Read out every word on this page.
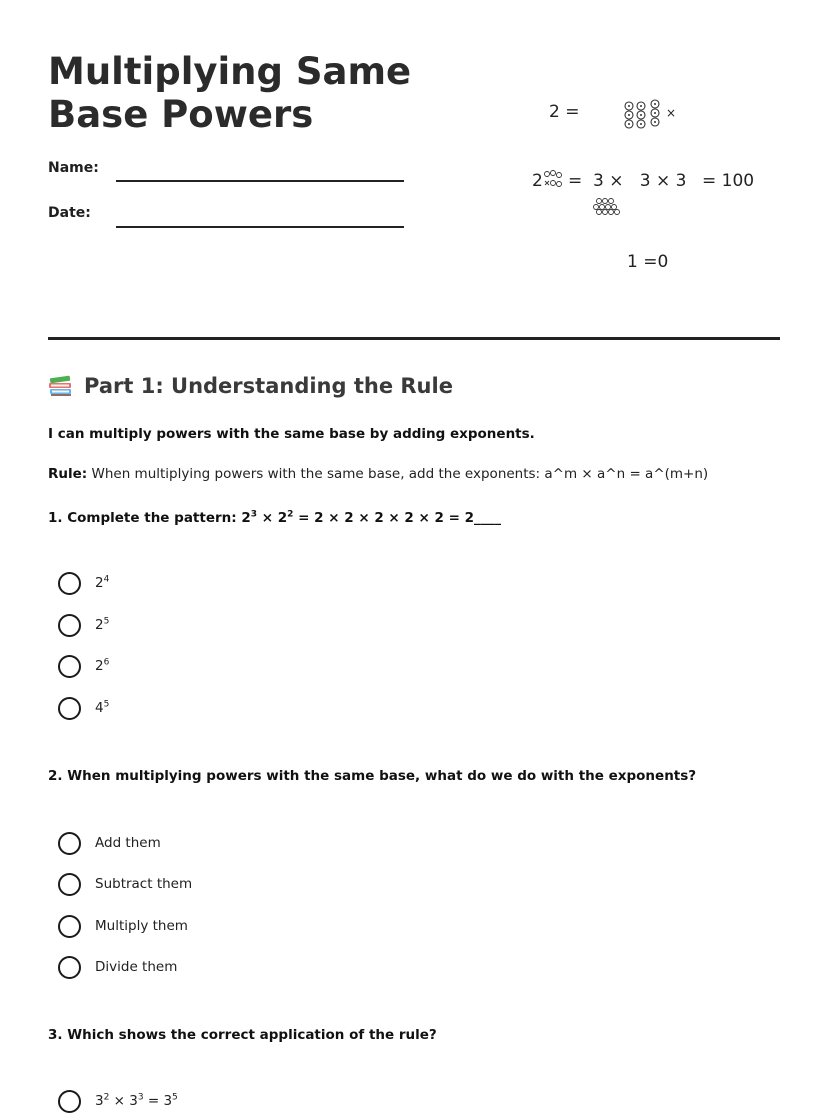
Multiplying Same Base Powers
Name:
Date:
2 =	×
2 =  3 ×   3 × 3 = 100
1 =0
Part 1: Understanding the Rule
I can multiply powers with the same base by adding exponents.
Rule: When multiplying powers with the same base, add the exponents: a^m × a^n = a^(m+n)
1. Complete the pattern: $2^3 \times 2^2 = 2 \times 2 \times 2 \times 2 \times 2$ = 2____
$2^4$
$2^5$
$2^6$
$4^5$
2. When multiplying powers with the same base, what do we do with the exponents?
Add them
Subtract them
Multiply them
Divide them
3. Which shows the correct application of the rule?
$3^2 \times 3^3 = 3^5$
